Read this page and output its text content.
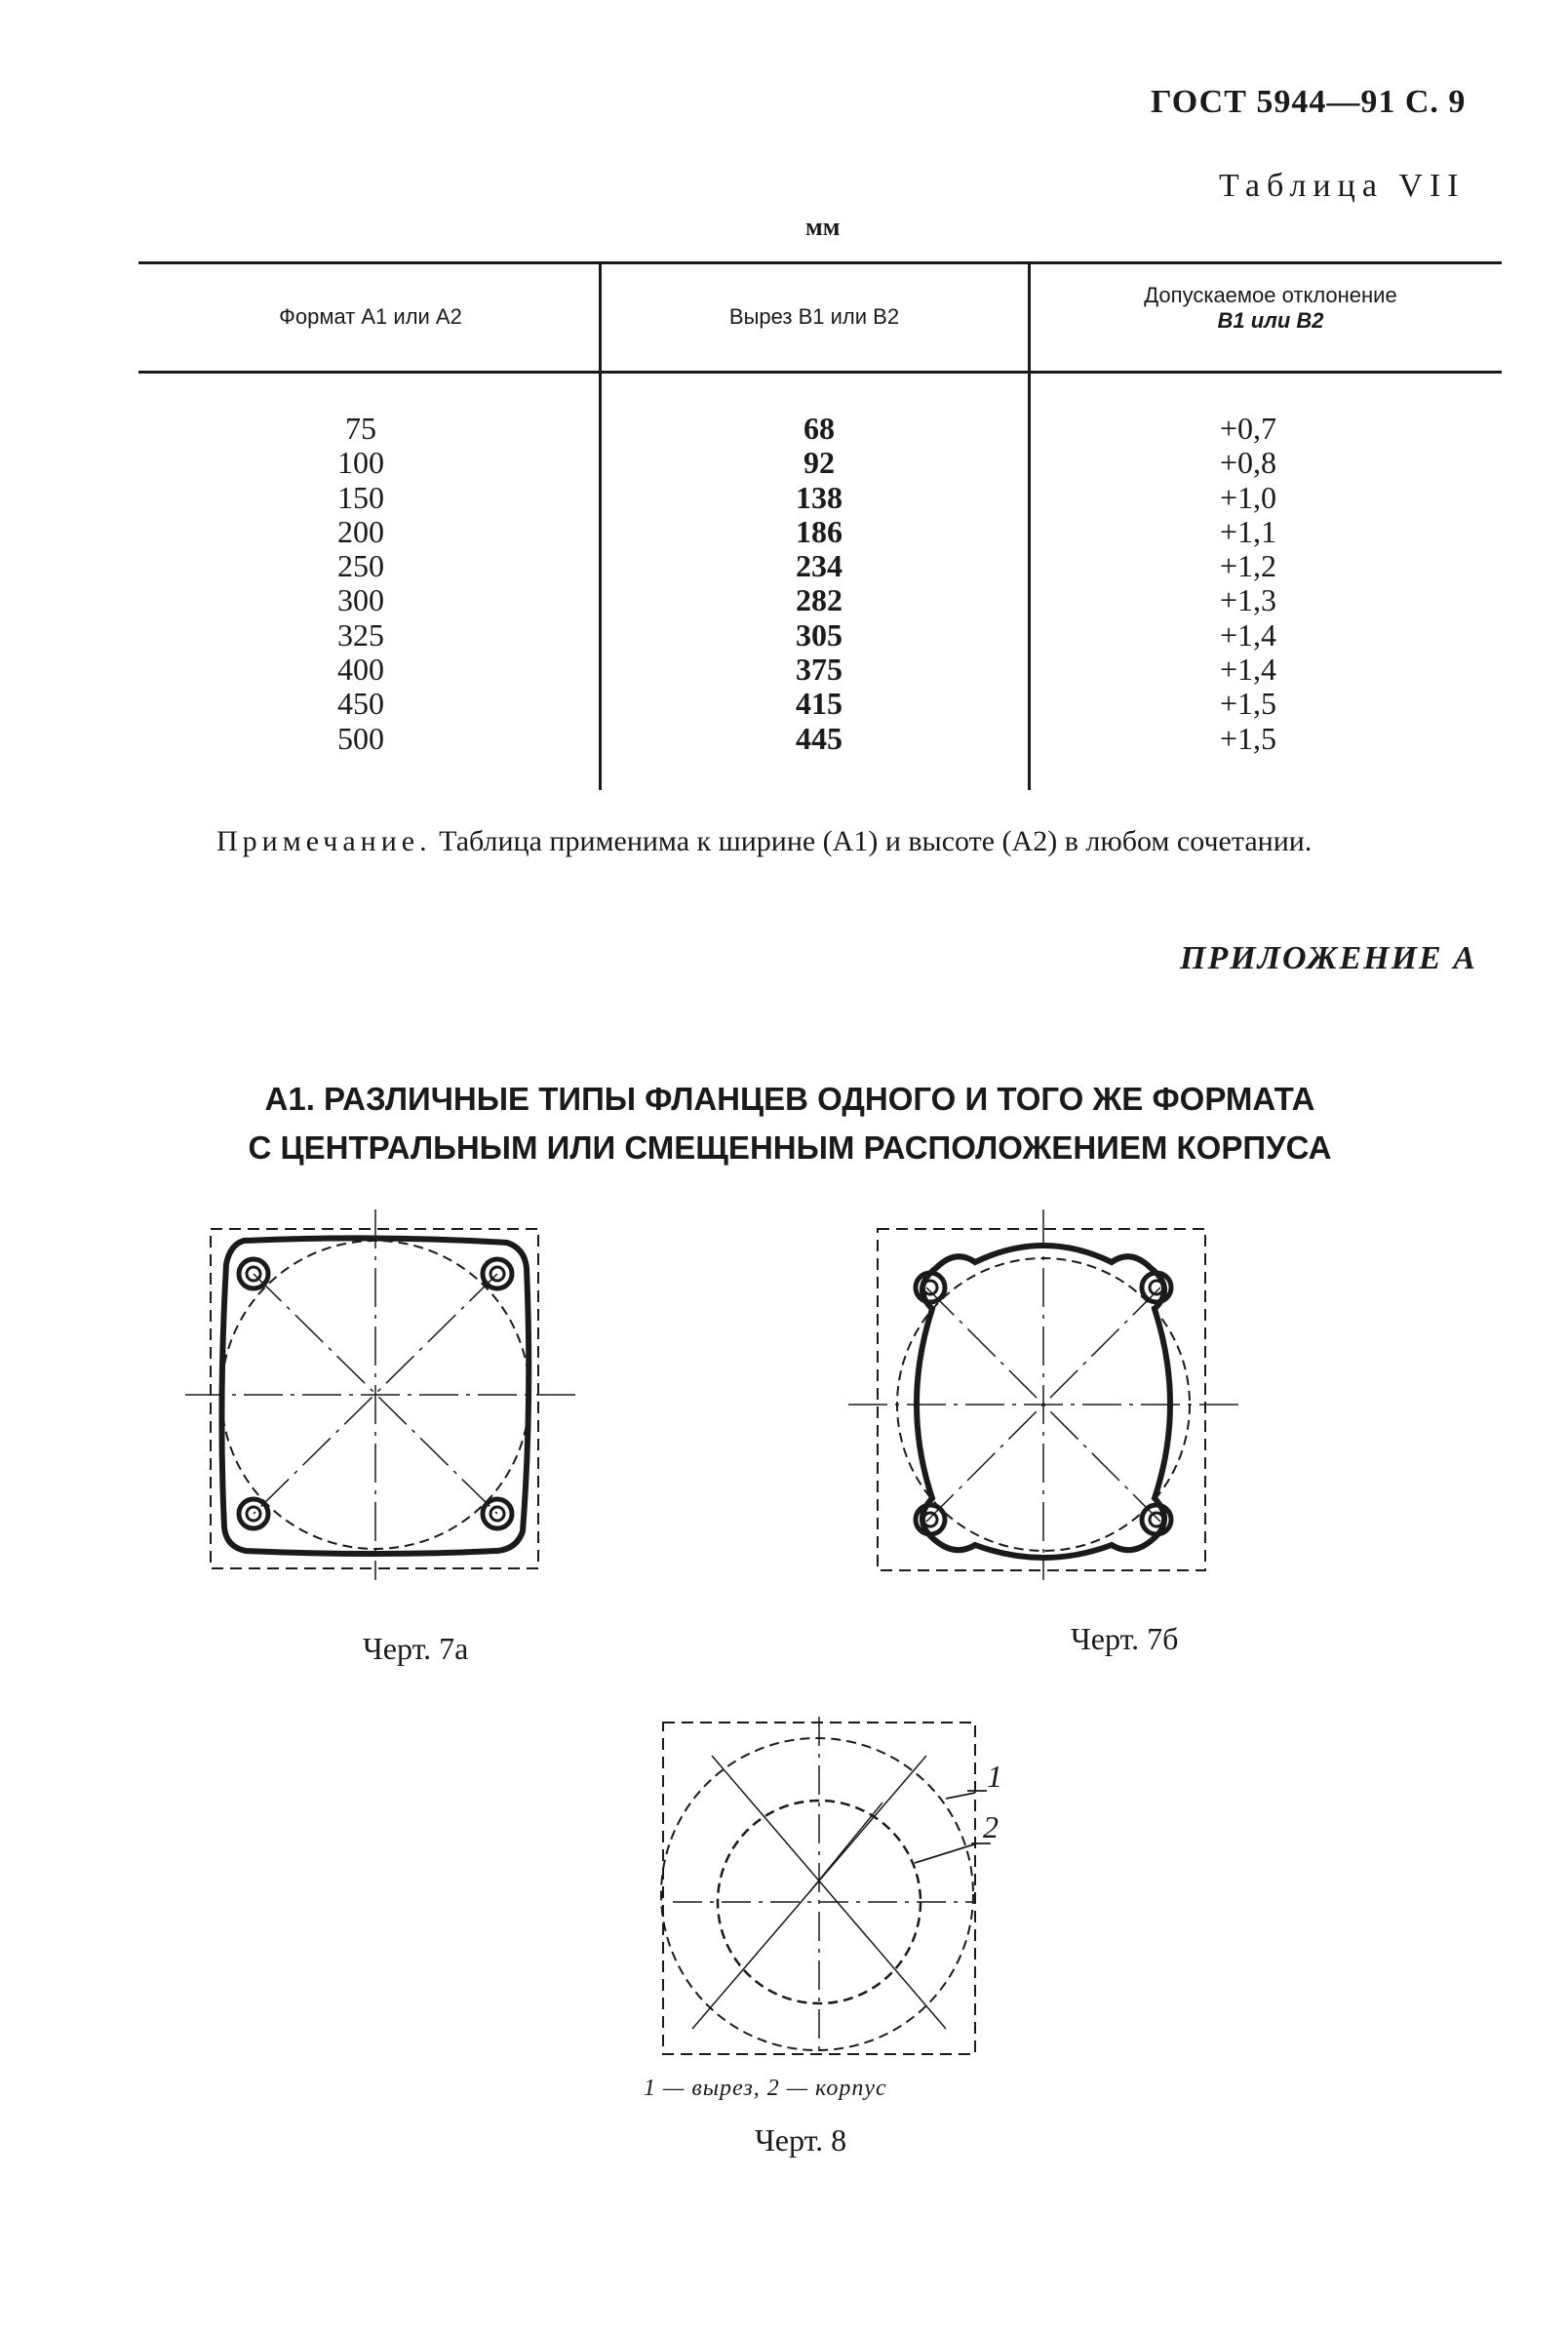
ГОСТ 5944—91 С. 9
Таблица VII
мм
Формат A1 или A2	Вырез B1 или B2
Допускаемое отклонение
B1 или B2
75
100
150
200
250
300
325
400
450
500
68
92
138
186
234
282
305
375
415
445
+0,7
+0,8
+1,0
+1,1
+1,2
+1,3
+1,4
+1,4
+1,5
+1,5
Примечание. Таблица применима к ширине (A1) и высоте (A2) в любом сочетании.
ПРИЛОЖЕНИЕ А
A1. РАЗЛИЧНЫЕ ТИПЫ ФЛАНЦЕВ ОДНОГО И ТОГО ЖЕ ФОРМАТА
С ЦЕНТРАЛЬНЫМ ИЛИ СМЕЩЕННЫМ РАСПОЛОЖЕНИЕМ КОРПУСА
Черт. 7а	Черт. 7б
1
2
1 — вырез, 2 — корпус
Черт. 8
